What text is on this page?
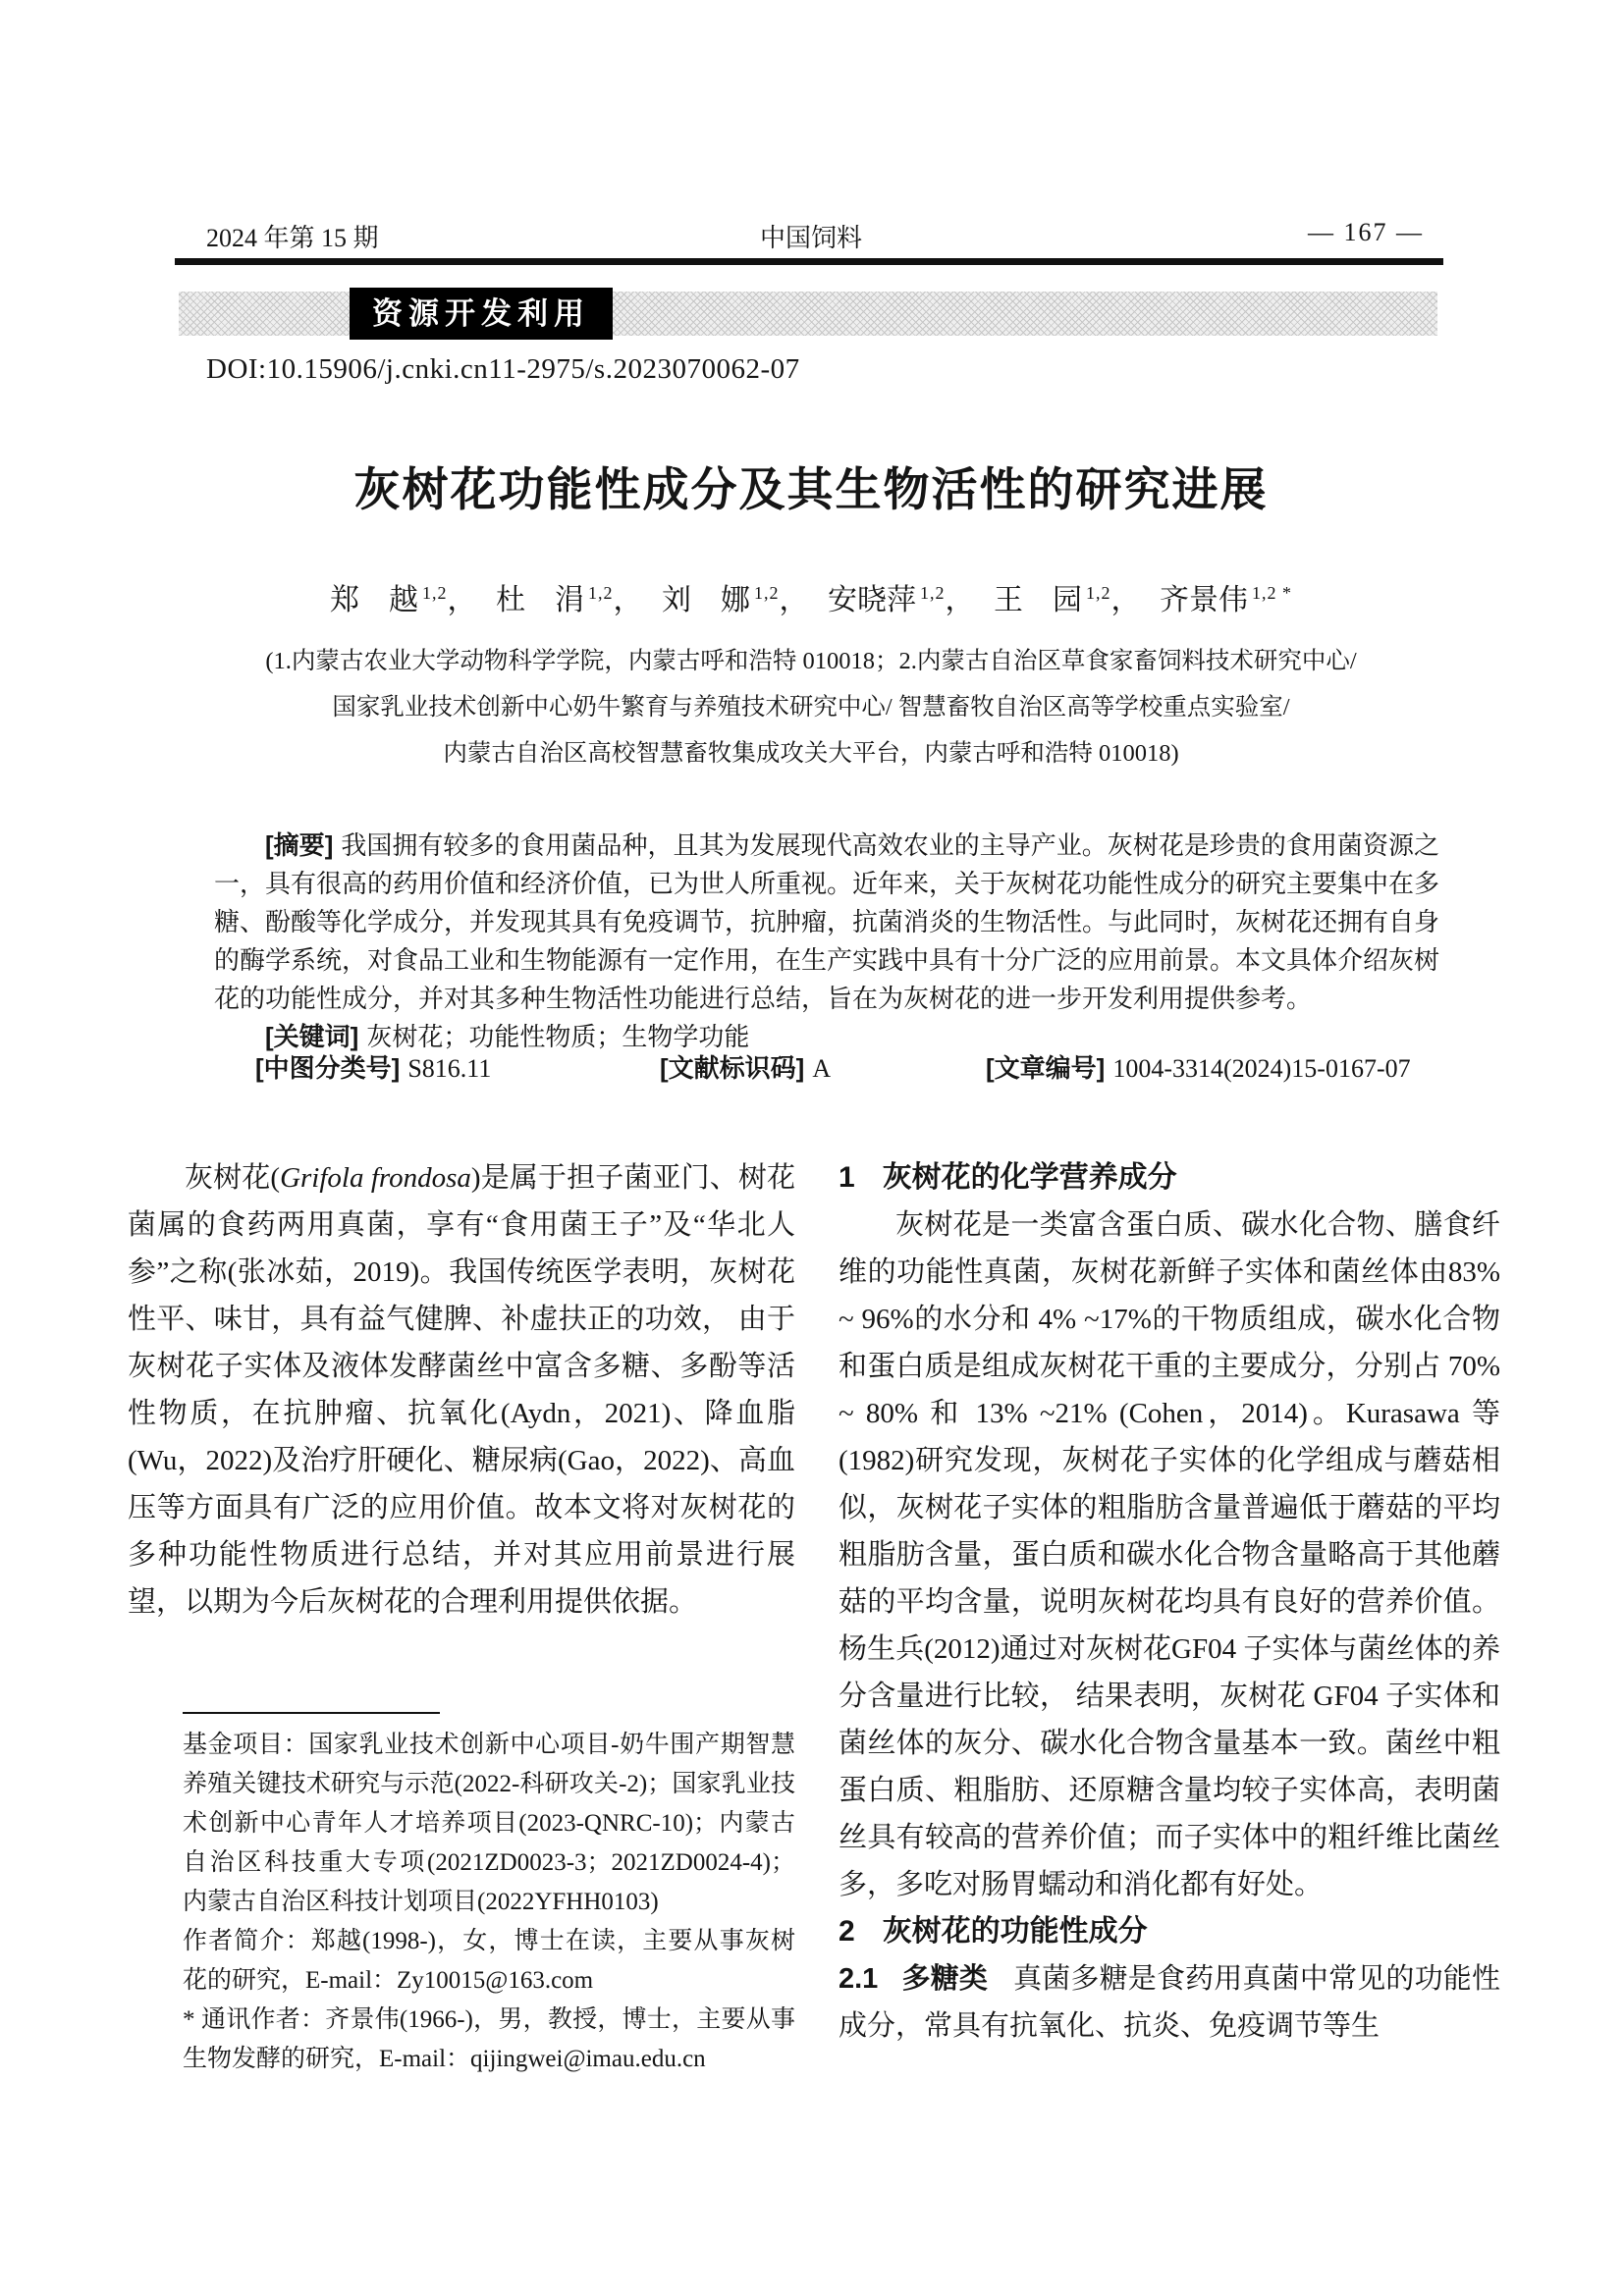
2024 年第 15 期	中国饲料	— 167 —
资源开发利用
DOI:10.15906/j.cnki.cn11-2975/s.2023070062-07
灰树花功能性成分及其生物活性的研究进展
郑　越 $^{1,2}$， 杜　涓 $^{1,2}$， 刘　娜 $^{1,2}$， 安晓萍 $^{1,2}$， 王　园 $^{1,2}$， 齐景伟 $^{1,2 *}$
(1.内蒙古农业大学动物科学学院，内蒙古呼和浩特 010018；2.内蒙古自治区草食家畜饲料技术研究中心/
国家乳业技术创新中心奶牛繁育与养殖技术研究中心/ 智慧畜牧自治区高等学校重点实验室/
内蒙古自治区高校智慧畜牧集成攻关大平台，内蒙古呼和浩特 010018)

[摘要] 我国拥有较多的食用菌品种，且其为发展现代高效农业的主导产业。灰树花是珍贵的食用菌资源之一，具有很高的药用价值和经济价值，已为世人所重视。近年来，关于灰树花功能性成分的研究主要集中在多糖、酚酸等化学成分，并发现其具有免疫调节，抗肿瘤，抗菌消炎的生物活性。与此同时，灰树花还拥有自身的酶学系统，对食品工业和生物能源有一定作用，在生产实践中具有十分广泛的应用前景。本文具体介绍灰树花的功能性成分，并对其多种生物活性功能进行总结，旨在为灰树花的进一步开发利用提供参考。

[关键词] 灰树花；功能性物质；生物学功能

[中图分类号] S816.11	[文献标识码] A	[文章编号] 1004-3314(2024)15-0167-07

灰树花(Grifola frondosa)是属于担子菌亚门、树花菌属的食药两用真菌，享有“食用菌王子”及“华北人参”之称(张冰茹，2019)。我国传统医学表明，灰树花性平、味甘，具有益气健脾、补虚扶正的功效， 由于灰树花子实体及液体发酵菌丝中富含多糖、多酚等活性物质，在抗肿瘤、抗氧化(Aydn，2021)、降血脂(Wu，2022)及治疗肝硬化、糖尿病(Gao，2022)、高血压等方面具有广泛的应用价值。故本文将对灰树花的多种功能性物质进行总结，并对其应用前景进行展望，以期为今后灰树花的合理利用提供依据。

基金项目：国家乳业技术创新中心项目-奶牛围产期智慧养殖关键技术研究与示范(2022-科研攻关-2)；国家乳业技术创新中心青年人才培养项目(2023-QNRC-10)；内蒙古自治区科技重大专项(2021ZD0023-3；2021ZD0024-4)；内蒙古自治区科技计划项目(2022YFHH0103)

作者简介：郑越(1998-)，女，博士在读，主要从事灰树花的研究，E-mail：Zy10015@163.com

* 通讯作者：齐景伟(1966-)，男，教授，博士，主要从事生物发酵的研究，E-mail：qijingwei@imau.edu.cn

1 灰树花的化学营养成分

灰树花是一类富含蛋白质、碳水化合物、膳食纤维的功能性真菌，灰树花新鲜子实体和菌丝体由83% ~ 96%的水分和 4% ~17%的干物质组成，碳水化合物和蛋白质是组成灰树花干重的主要成分，分别占 70% ~ 80% 和 13% ~21% (Cohen，2014)。Kurasawa 等(1982)研究发现，灰树花子实体的化学组成与蘑菇相似，灰树花子实体的粗脂肪含量普遍低于蘑菇的平均粗脂肪含量，蛋白质和碳水化合物含量略高于其他蘑菇的平均含量，说明灰树花均具有良好的营养价值。杨生兵(2012)通过对灰树花GF04 子实体与菌丝体的养分含量进行比较， 结果表明，灰树花 GF04 子实体和菌丝体的灰分、碳水化合物含量基本一致。菌丝中粗蛋白质、粗脂肪、还原糖含量均较子实体高，表明菌丝具有较高的营养价值；而子实体中的粗纤维比菌丝多，多吃对肠胃蠕动和消化都有好处。

2 灰树花的功能性成分

2.1 多糖类 真菌多糖是食药用真菌中常见的功能性成分，常具有抗氧化、抗炎、免疫调节等生
